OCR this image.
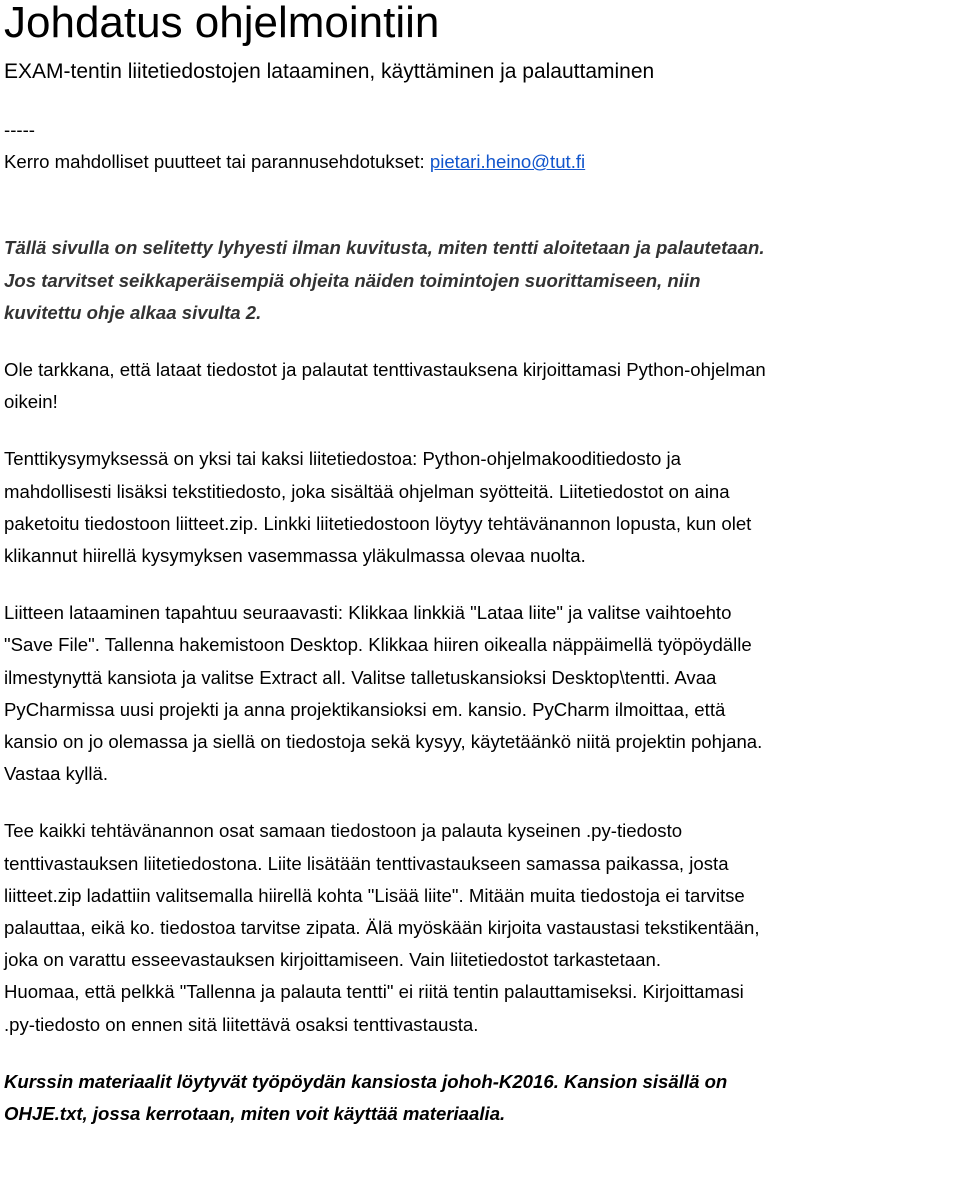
Johdatus ohjelmointiin

EXAM-tentin liitetiedostojen lataaminen, käyttäminen ja palauttaminen

-----

Kerro mahdolliset puutteet tai parannusehdotukset: pietari.heino@tut.fi

Tällä sivulla on selitetty lyhyesti ilman kuvitusta, miten tentti aloitetaan ja palautetaan.

Jos tarvitset seikkaperäisempiä ohjeita näiden toimintojen suorittamiseen, niin

kuvitettu ohje alkaa sivulta 2.

Ole tarkkana, että lataat tiedostot ja palautat tenttivastauksena kirjoittamasi Python-ohjelman

oikein!

Tenttikysymyksessä on yksi tai kaksi liitetiedostoa: Python-ohjelmakooditiedosto ja

mahdollisesti lisäksi tekstitiedosto, joka sisältää ohjelman syötteitä. Liitetiedostot on aina

paketoitu tiedostoon liitteet.zip. Linkki liitetiedostoon löytyy tehtävänannon lopusta, kun olet

klikannut hiirellä kysymyksen vasemmassa yläkulmassa olevaa nuolta.

Liitteen lataaminen tapahtuu seuraavasti: Klikkaa linkkiä "Lataa liite" ja valitse vaihtoehto

"Save File". Tallenna hakemistoon Desktop. Klikkaa hiiren oikealla näppäimellä työpöydälle

ilmestynyttä kansiota ja valitse Extract all. Valitse talletuskansioksi Desktop\tentti. Avaa

PyCharmissa uusi projekti ja anna projektikansioksi em. kansio. PyCharm ilmoittaa, että

kansio on jo olemassa ja siellä on tiedostoja sekä kysyy, käytetäänkö niitä projektin pohjana.

Vastaa kyllä.

Tee kaikki tehtävänannon osat samaan tiedostoon ja palauta kyseinen .py-tiedosto

tenttivastauksen liitetiedostona. Liite lisätään tenttivastaukseen samassa paikassa, josta

liitteet.zip ladattiin valitsemalla hiirellä kohta "Lisää liite". Mitään muita tiedostoja ei tarvitse

palauttaa, eikä ko. tiedostoa tarvitse zipata. Älä myöskään kirjoita vastaustasi tekstikentään,

joka on varattu esseevastauksen kirjoittamiseen. Vain liitetiedostot tarkastetaan.

Huomaa, että pelkkä "Tallenna ja palauta tentti" ei riitä tentin palauttamiseksi. Kirjoittamasi

.py-tiedosto on ennen sitä liitettävä osaksi tenttivastausta.

Kurssin materiaalit löytyvät työpöydän kansiosta johoh-K2016. Kansion sisällä on

OHJE.txt, jossa kerrotaan, miten voit käyttää materiaalia.
